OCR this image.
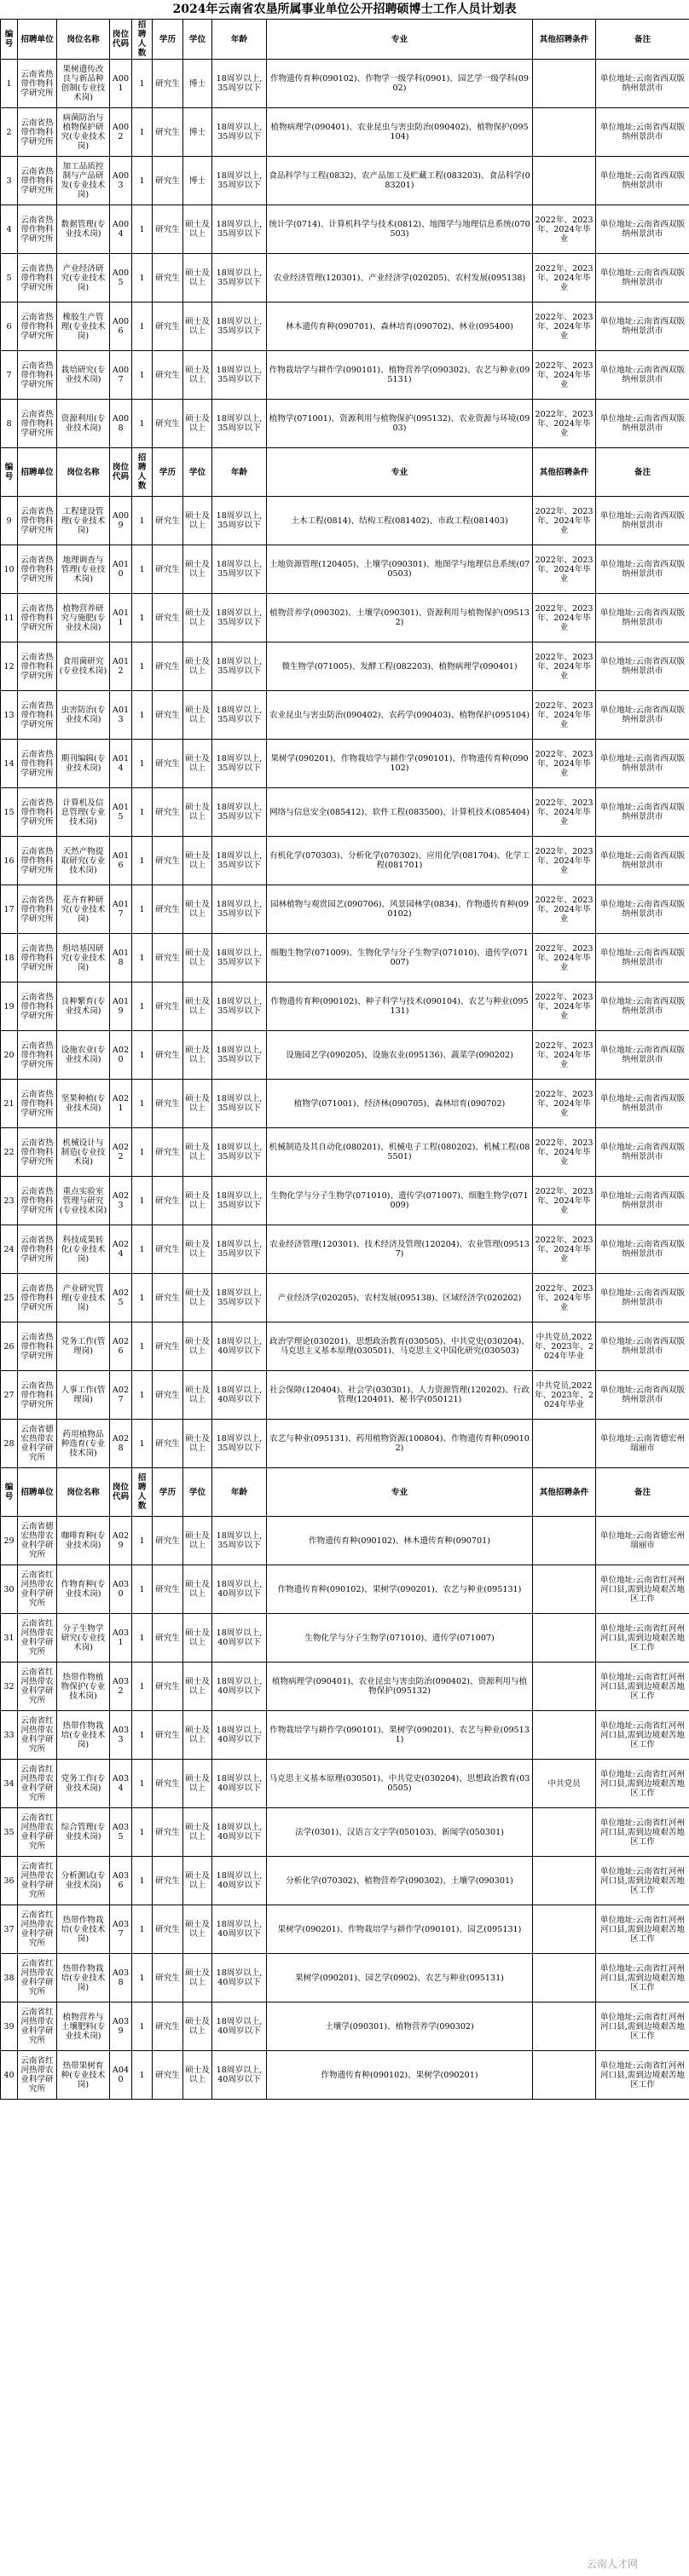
2024年云南省农垦所属事业单位公开招聘硕博士工作人员计划表
编号	招聘单位	岗位名称	岗位代码	招聘人数	学历	学位	年龄	专业	其他招聘条件	备注
1	云南省热带作物科学研究所	果树遗传改良与新品种创制(专业技术岗)	A001	1	研究生	博士	18周岁以上,35周岁以下	作物遗传育种(090102)、作物学一级学科(0901)、园艺学一级学科(0902)		单位地址:云南省西双版纳州景洪市
2	云南省热带作物科学研究所	病菌防治与植物保护研究(专业技术岗)	A002	1	研究生	博士	18周岁以上,35周岁以下	植物病理学(090401)、农业昆虫与害虫防治(090402)、植物保护(095104)		单位地址:云南省西双版纳州景洪市
3	云南省热带作物科学研究所	加工品质控制与产品研发(专业技术岗)	A003	1	研究生	博士	18周岁以上,35周岁以下	食品科学与工程(0832)、农产品加工及贮藏工程(083203)、食品科学(083201)		单位地址:云南省西双版纳州景洪市
4	云南省热带作物科学研究所	数据管理(专业技术岗)	A004	1	研究生	硕士及以上	18周岁以上,35周岁以下	统计学(0714)、计算机科学与技术(0812)、地图学与地理信息系统(070503)	2022年、2023年、2024年毕业	单位地址:云南省西双版纳州景洪市
5	云南省热带作物科学研究所	产业经济研究(专业技术岗)	A005	1	研究生	硕士及以上	18周岁以上,35周岁以下	农业经济管理(120301)、产业经济学(020205)、农村发展(095138)	2022年、2023年、2024年毕业	单位地址:云南省西双版纳州景洪市
6	云南省热带作物科学研究所	橡胶生产管理(专业技术岗)	A006	1	研究生	硕士及以上	18周岁以上,35周岁以下	林木遗传育种(090701)、森林培育(090702)、林业(095400)	2022年、2023年、2024年毕业	单位地址:云南省西双版纳州景洪市
7	云南省热带作物科学研究所	栽培研究(专业技术岗)	A007	1	研究生	硕士及以上	18周岁以上,35周岁以下	作物栽培学与耕作学(090101)、植物营养学(090302)、农艺与种业(095131)	2022年、2023年、2024年毕业	单位地址:云南省西双版纳州景洪市
8	云南省热带作物科学研究所	资源利用(专业技术岗)	A008	1	研究生	硕士及以上	18周岁以上,35周岁以下	植物学(071001)、资源利用与植物保护(095132)、农业资源与环境(0903)	2022年、2023年、2024年毕业	单位地址:云南省西双版纳州景洪市
编号	招聘单位	岗位名称	岗位代码	招聘人数	学历	学位	年龄	专业	其他招聘条件	备注
9	云南省热带作物科学研究所	工程建设管理(专业技术岗)	A009	1	研究生	硕士及以上	18周岁以上,35周岁以下	土木工程(0814)、结构工程(081402)、市政工程(081403)	2022年、2023年、2024年毕业	单位地址:云南省西双版纳州景洪市
10	云南省热带作物科学研究所	地理调查与管理(专业技术岗)	A010	1	研究生	硕士及以上	18周岁以上,35周岁以下	土地资源管理(120405)、土壤学(090301)、地图学与地理信息系统(070503)	2022年、2023年、2024年毕业	单位地址:云南省西双版纳州景洪市
11	云南省热带作物科学研究所	植物营养研究与施肥(专业技术岗)	A011	1	研究生	硕士及以上	18周岁以上,35周岁以下	植物营养学(090302)、土壤学(090301)、资源利用与植物保护(095132)	2022年、2023年、2024年毕业	单位地址:云南省西双版纳州景洪市
12	云南省热带作物科学研究所	食用菌研究(专业技术岗)	A012	1	研究生	硕士及以上	18周岁以上,35周岁以下	微生物学(071005)、发酵工程(082203)、植物病理学(090401)	2022年、2023年、2024年毕业	单位地址:云南省西双版纳州景洪市
13	云南省热带作物科学研究所	虫害防治(专业技术岗)	A013	1	研究生	硕士及以上	18周岁以上,35周岁以下	农业昆虫与害虫防治(090402)、农药学(090403)、植物保护(095104)	2022年、2023年、2024年毕业	单位地址:云南省西双版纳州景洪市
14	云南省热带作物科学研究所	期刊编辑(专业技术岗)	A014	1	研究生	硕士及以上	18周岁以上,35周岁以下	果树学(090201)、作物栽培学与耕作学(090101)、作物遗传育种(090102)	2022年、2023年、2024年毕业	单位地址:云南省西双版纳州景洪市
15	云南省热带作物科学研究所	计算机及信息管理(专业技术岗)	A015	1	研究生	硕士及以上	18周岁以上,35周岁以下	网络与信息安全(085412)、软件工程(083500)、计算机技术(085404)	2022年、2023年、2024年毕业	单位地址:云南省西双版纳州景洪市
16	云南省热带作物科学研究所	天然产物提取研究(专业技术岗)	A016	1	研究生	硕士及以上	18周岁以上,35周岁以下	有机化学(070303)、分析化学(070302)、应用化学(081704)、化学工程(081701)	2022年、2023年、2024年毕业	单位地址:云南省西双版纳州景洪市
17	云南省热带作物科学研究所	花卉育种研究(专业技术岗)	A017	1	研究生	硕士及以上	18周岁以上,35周岁以下	园林植物与观赏园艺(090706)、风景园林学(0834)、作物遗传育种(090102)	2022年、2023年、2024年毕业	单位地址:云南省西双版纳州景洪市
18	云南省热带作物科学研究所	组培基因研究(专业技术岗)	A018	1	研究生	硕士及以上	18周岁以上,35周岁以下	细胞生物学(071009)、生物化学与分子生物学(071010)、遗传学(071007)	2022年、2023年、2024年毕业	单位地址:云南省西双版纳州景洪市
19	云南省热带作物科学研究所	良种繁育(专业技术岗)	A019	1	研究生	硕士及以上	18周岁以上,35周岁以下	作物遗传育种(090102)、种子科学与技术(090104)、农艺与种业(095131)	2022年、2023年、2024年毕业	单位地址:云南省西双版纳州景洪市
20	云南省热带作物科学研究所	设施农业(专业技术岗)	A020	1	研究生	硕士及以上	18周岁以上,35周岁以下	设施园艺学(090205)、设施农业(095136)、蔬菜学(090202)	2022年、2023年、2024年毕业	单位地址:云南省西双版纳州景洪市
21	云南省热带作物科学研究所	坚果种植(专业技术岗)	A021	1	研究生	硕士及以上	18周岁以上,35周岁以下	植物学(071001)、经济林(090705)、森林培育(090702)	2022年、2023年、2024年毕业	单位地址:云南省西双版纳州景洪市
22	云南省热带作物科学研究所	机械设计与制造(专业技术岗)	A022	1	研究生	硕士及以上	18周岁以上,35周岁以下	机械制造及其自动化(080201)、机械电子工程(080202)、机械工程(085501)	2022年、2023年、2024年毕业	单位地址:云南省西双版纳州景洪市
23	云南省热带作物科学研究所	重点实验室管理与研究(专业技术岗)	A023	1	研究生	硕士及以上	18周岁以上,35周岁以下	生物化学与分子生物学(071010)、遗传学(071007)、细胞生物学(071009)	2022年、2023年、2024年毕业	单位地址:云南省西双版纳州景洪市
24	云南省热带作物科学研究所	科技成果转化(专业技术岗)	A024	1	研究生	硕士及以上	18周岁以上,35周岁以下	农业经济管理(120301)、技术经济及管理(120204)、农业管理(095137)	2022年、2023年、2024年毕业	单位地址:云南省西双版纳州景洪市
25	云南省热带作物科学研究所	产业研究管理(专业技术岗)	A025	1	研究生	硕士及以上	18周岁以上,35周岁以下	产业经济学(020205)、农村发展(095138)、区域经济学(020202)	2022年、2023年、2024年毕业	单位地址:云南省西双版纳州景洪市
26	云南省热带作物科学研究所	党务工作(管理岗)	A026	1	研究生	硕士及以上	18周岁以上,40周岁以下	政治学理论(030201)、思想政治教育(030505)、中共党史(030204)、马克思主义基本原理(030501)、马克思主义中国化研究(030503)	中共党员,2022年、2023年、2024年毕业	单位地址:云南省西双版纳州景洪市
27	云南省热带作物科学研究所	人事工作(管理岗)	A027	1	研究生	硕士及以上	18周岁以上,40周岁以下	社会保障(120404)、社会学(030301)、人力资源管理(120202)、行政管理(120401)、秘书学(050121)	中共党员,2022年、2023年、2024年毕业	单位地址:云南省西双版纳州景洪市
28	云南省德宏热带农业科学研究所	药用植物品种选育(专业技术岗)	A028	1	研究生	硕士及以上	18周岁以上,35周岁以下	农艺与种业(095131)、药用植物资源(100804)、作物遗传育种(090102)		单位地址:云南省德宏州瑞丽市
编号	招聘单位	岗位名称	岗位代码	招聘人数	学历	学位	年龄	专业	其他招聘条件	备注
29	云南省德宏热带农业科学研究所	咖啡育种(专业技术岗)	A029	1	研究生	硕士及以上	18周岁以上,35周岁以下	作物遗传育种(090102)、林木遗传育种(090701)		单位地址:云南省德宏州瑞丽市
30	云南省红河热带农业科学研究所	作物育种(专业技术岗)	A030	1	研究生	硕士及以上	18周岁以上,40周岁以下	作物遗传育种(090102)、果树学(090201)、农艺与种业(095131)		单位地址:云南省红河州河口县,需到边境艰苦地区工作
31	云南省红河热带农业科学研究所	分子生物学研究(专业技术岗)	A031	1	研究生	硕士及以上	18周岁以上,40周岁以下	生物化学与分子生物学(071010)、遗传学(071007)		单位地址:云南省红河州河口县,需到边境艰苦地区工作
32	云南省红河热带农业科学研究所	热带作物植物保护(专业技术岗)	A032	1	研究生	硕士及以上	18周岁以上,40周岁以下	植物病理学(090401)、农业昆虫与害虫防治(090402)、资源利用与植物保护(095132)		单位地址:云南省红河州河口县,需到边境艰苦地区工作
33	云南省红河热带农业科学研究所	热带作物栽培(专业技术岗)	A033	1	研究生	硕士及以上	18周岁以上,40周岁以下	作物栽培学与耕作学(090101)、果树学(090201)、农艺与种业(095131)		单位地址:云南省红河州河口县,需到边境艰苦地区工作
34	云南省红河热带农业科学研究所	党务工作(专业技术岗)	A034	1	研究生	硕士及以上	18周岁以上,40周岁以下	马克思主义基本原理(030501)、中共党史(030204)、思想政治教育(030505)	中共党员	单位地址:云南省红河州河口县,需到边境艰苦地区工作
35	云南省红河热带农业科学研究所	综合管理(专业技术岗)	A035	1	研究生	硕士及以上	18周岁以上,40周岁以下	法学(0301)、汉语言文字学(050103)、新闻学(050301)		单位地址:云南省红河州河口县,需到边境艰苦地区工作
36	云南省红河热带农业科学研究所	分析测试(专业技术岗)	A036	1	研究生	硕士及以上	18周岁以上,40周岁以下	分析化学(070302)、植物营养学(090302)、土壤学(090301)		单位地址:云南省红河州河口县,需到边境艰苦地区工作
37	云南省红河热带农业科学研究所	热带作物栽培(专业技术岗)	A037	1	研究生	硕士及以上	18周岁以上,40周岁以下	果树学(090201)、作物栽培学与耕作学(090101)、园艺(095131)		单位地址:云南省红河州河口县,需到边境艰苦地区工作
38	云南省红河热带农业科学研究所	热带作物栽培(专业技术岗)	A038	1	研究生	硕士及以上	18周岁以上,40周岁以下	果树学(090201)、园艺学(0902)、农艺与种业(095131)		单位地址:云南省红河州河口县,需到边境艰苦地区工作
39	云南省红河热带农业科学研究所	植物营养与土壤肥料(专业技术岗)	A039	1	研究生	硕士及以上	18周岁以上,40周岁以下	土壤学(090301)、植物营养学(090302)		单位地址:云南省红河州河口县,需到边境艰苦地区工作
40	云南省红河热带农业科学研究所	热带果树育种(专业技术岗)	A040	1	研究生	硕士及以上	18周岁以上,40周岁以下	作物遗传育种(090102)、果树学(090201)		单位地址:云南省红河州河口县,需到边境艰苦地区工作
云南人才网
